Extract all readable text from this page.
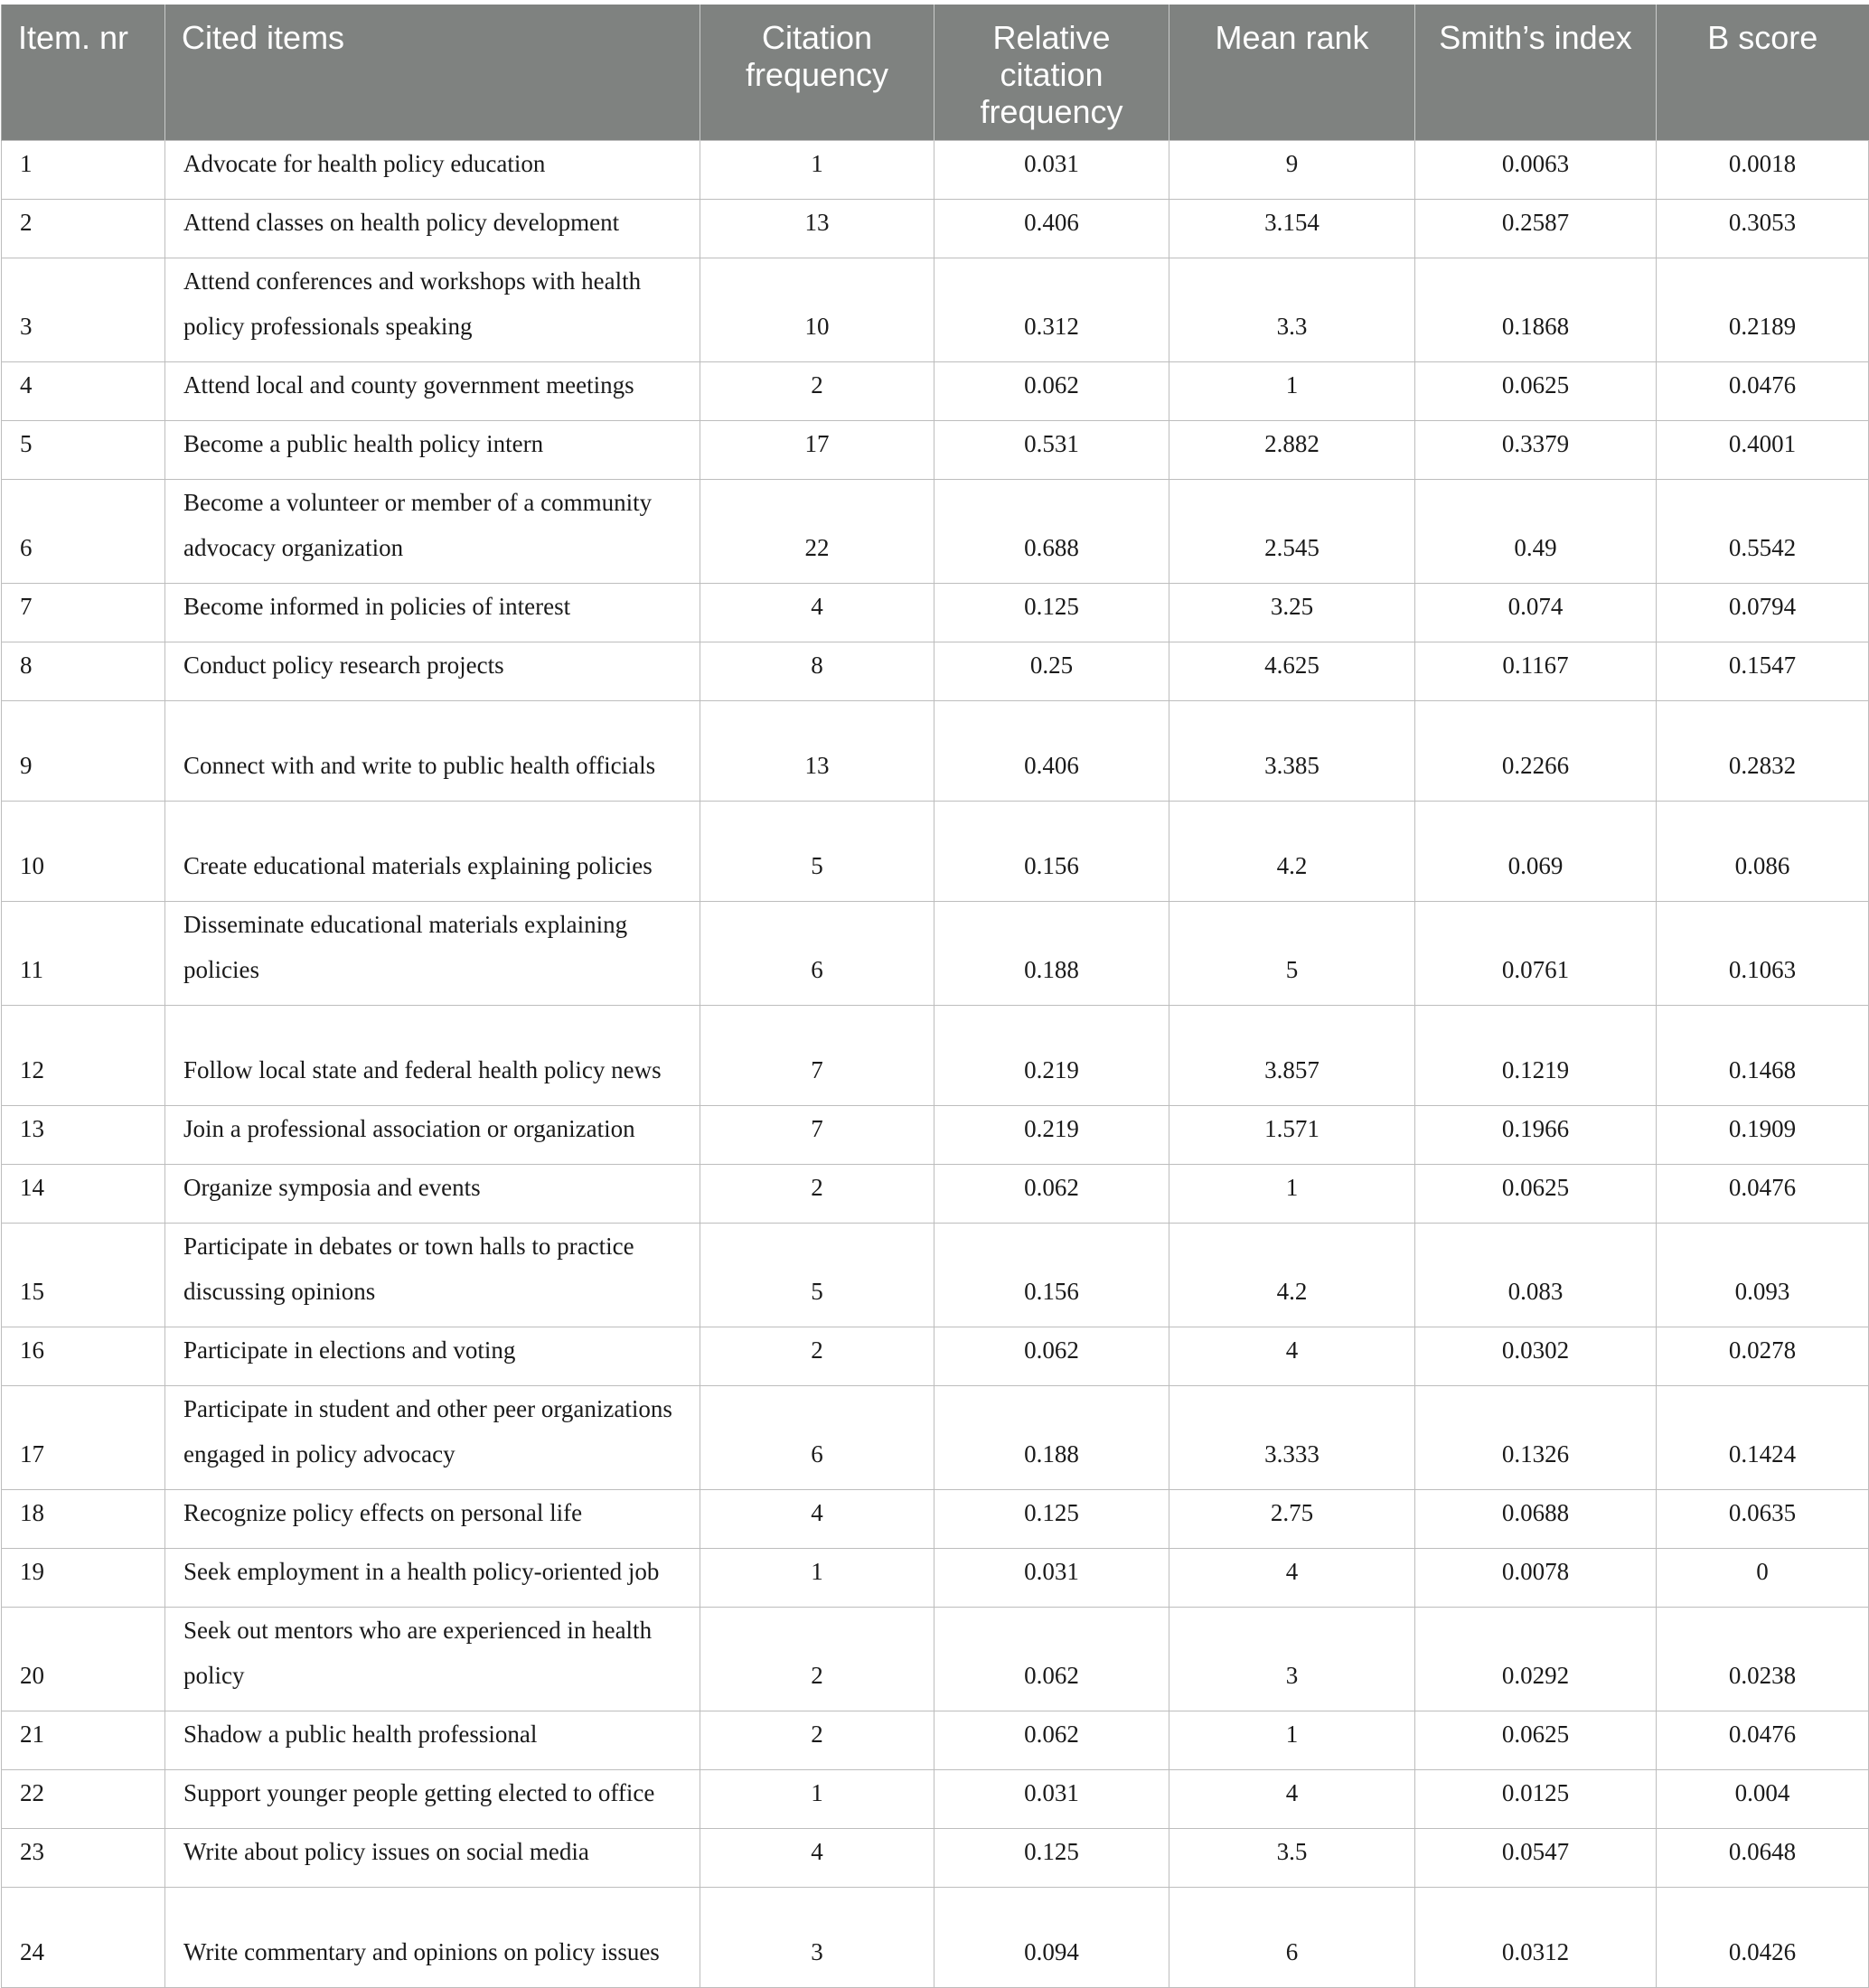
Item. nr	Cited items	Citation frequency	Relative citation frequency	Mean rank	Smith’s index	B score
1	Advocate for health policy education	1	0.031	9	0.0063	0.0018
2	Attend classes on health policy development	13	0.406	3.154	0.2587	0.3053
3	Attend conferences and workshops with health policy professionals speaking	10	0.312	3.3	0.1868	0.2189
4	Attend local and county government meetings	2	0.062	1	0.0625	0.0476
5	Become a public health policy intern	17	0.531	2.882	0.3379	0.4001
6	Become a volunteer or member of a community advocacy organization	22	0.688	2.545	0.49	0.5542
7	Become informed in policies of interest	4	0.125	3.25	0.074	0.0794
8	Conduct policy research projects	8	0.25	4.625	0.1167	0.1547
9	Connect with and write to public health officials	13	0.406	3.385	0.2266	0.2832
10	Create educational materials explaining policies	5	0.156	4.2	0.069	0.086
11	Disseminate educational materials explaining policies	6	0.188	5	0.0761	0.1063
12	Follow local state and federal health policy news	7	0.219	3.857	0.1219	0.1468
13	Join a professional association or organization	7	0.219	1.571	0.1966	0.1909
14	Organize symposia and events	2	0.062	1	0.0625	0.0476
15	Participate in debates or town halls to practice discussing opinions	5	0.156	4.2	0.083	0.093
16	Participate in elections and voting	2	0.062	4	0.0302	0.0278
17	Participate in student and other peer organizations engaged in policy advocacy	6	0.188	3.333	0.1326	0.1424
18	Recognize policy effects on personal life	4	0.125	2.75	0.0688	0.0635
19	Seek employment in a health policy-oriented job	1	0.031	4	0.0078	0
20	Seek out mentors who are experienced in health policy	2	0.062	3	0.0292	0.0238
21	Shadow a public health professional	2	0.062	1	0.0625	0.0476
22	Support younger people getting elected to office	1	0.031	4	0.0125	0.004
23	Write about policy issues on social media	4	0.125	3.5	0.0547	0.0648
24	Write commentary and opinions on policy issues	3	0.094	6	0.0312	0.0426
